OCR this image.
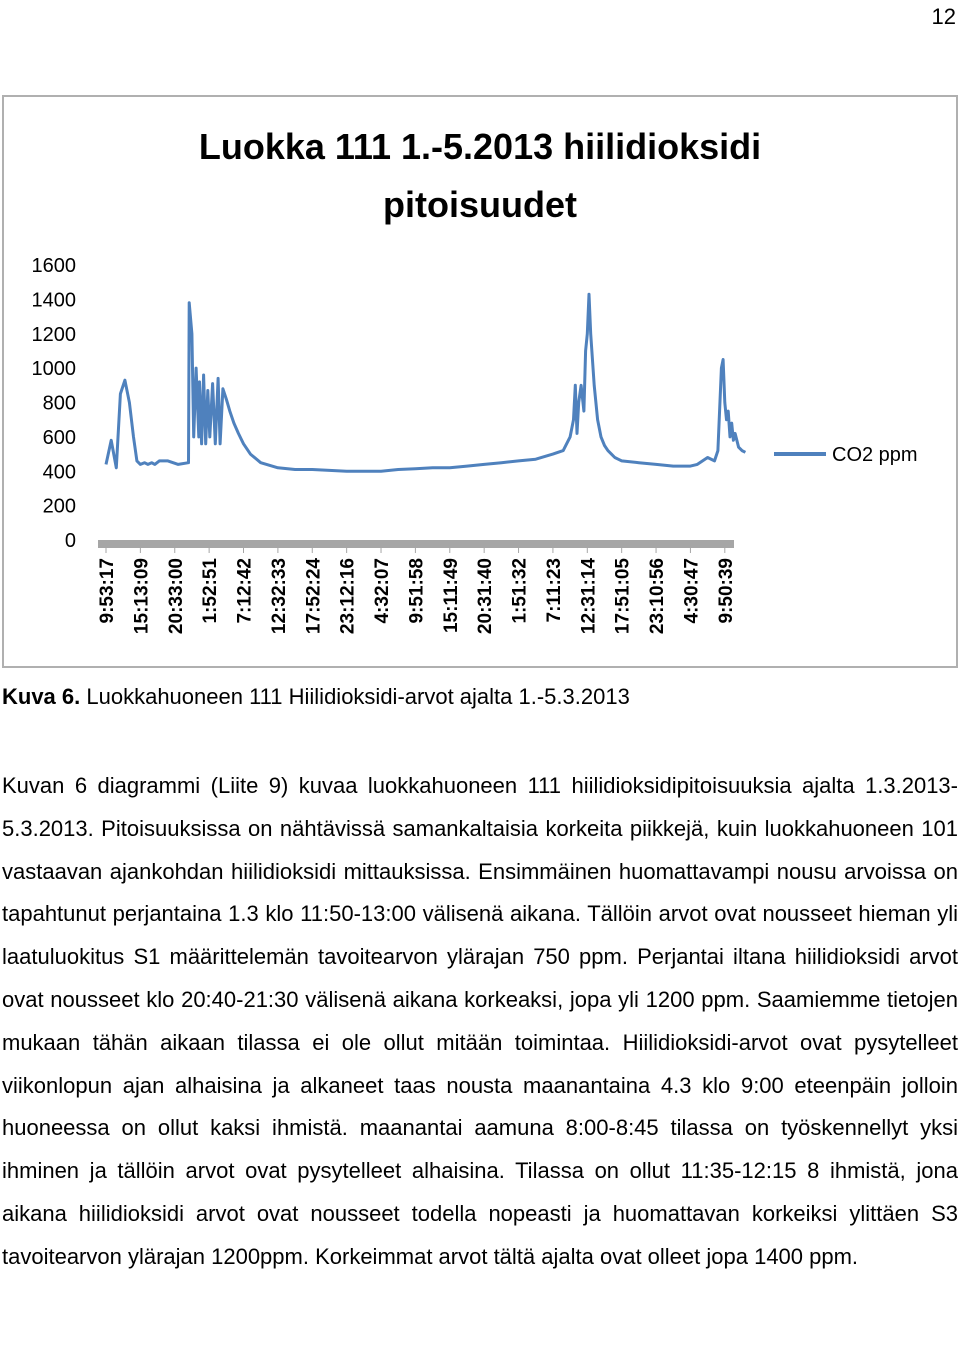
12
Luokka 111 1.-5.2013 hiilidioksidi
pitoisuudet
0
200
400
600
800
1000
1200
1400
1600
9:53:17 15:13:09 20:33:00 1:52:51 7:12:42 12:32:33 17:52:24 23:12:16 4:32:07 9:51:58 15:11:49 20:31:40 1:51:32 7:11:23 12:31:14 17:51:05 23:10:56 4:30:47 9:50:39
CO2 ppm
Kuva 6. Luokkahuoneen 111 Hiilidioksidi-arvot ajalta 1.-5.3.2013
Kuvan 6 diagrammi (Liite 9) kuvaa luokkahuoneen 111 hiilidioksidipitoisuuksia ajalta 1.3.2013-5.3.2013. Pitoisuuksissa on nähtävissä samankaltaisia korkeita piikkejä, kuin luokkahuoneen 101 vastaavan ajankohdan hiilidioksidi mittauksissa. Ensimmäinen huomattavampi nousu arvoissa on tapahtunut perjantaina 1.3 klo 11:50-13:00 välisenä aikana. Tällöin arvot ovat nousseet hieman yli laatuluokitus S1 määrittelemän tavoitearvon ylärajan 750 ppm. Perjantai iltana hiilidioksidi arvot ovat nousseet klo 20:40-21:30 välisenä aikana korkeaksi, jopa yli 1200 ppm. Saamiemme tietojen mukaan tähän aikaan tilassa ei ole ollut mitään toimintaa. Hiilidioksidi-arvot ovat pysytelleet viikonlopun ajan alhaisina ja alkaneet taas nousta maanantaina 4.3 klo 9:00 eteenpäin jolloin huoneessa on ollut kaksi ihmistä. maanantai aamuna 8:00-8:45 tilassa on työskennellyt yksi ihminen ja tällöin arvot ovat pysytelleet alhaisina. Tilassa on ollut 11:35-12:15 8 ihmistä, jona aikana hiilidioksidi arvot ovat nousseet todella nopeasti ja huomattavan korkeiksi ylittäen S3 tavoitearvon ylärajan 1200ppm. Korkeimmat arvot tältä ajalta ovat olleet jopa 1400 ppm.
